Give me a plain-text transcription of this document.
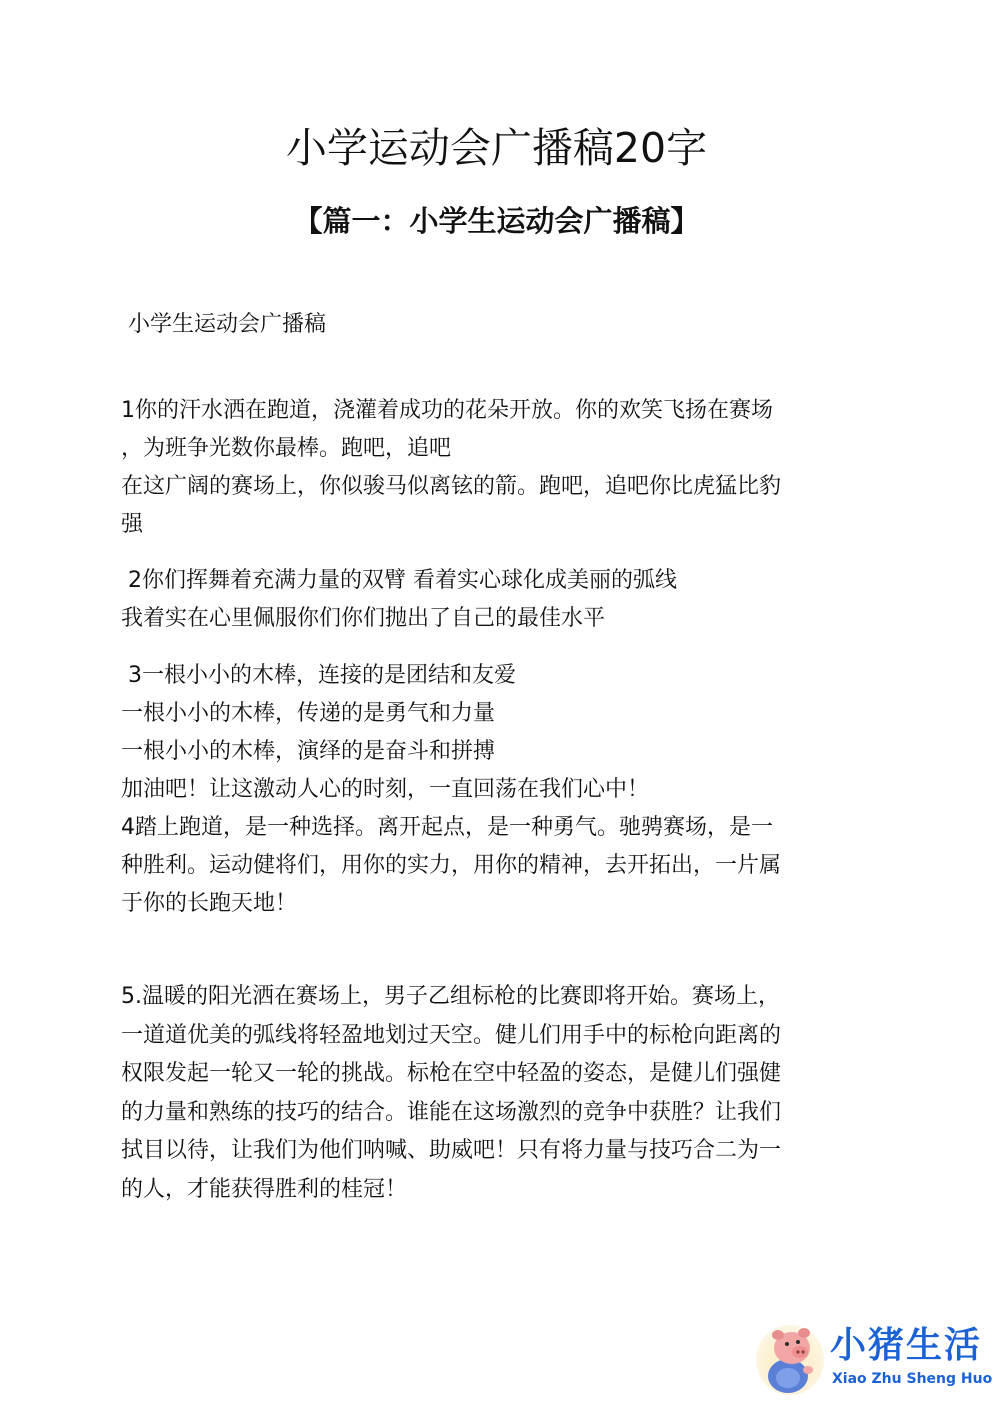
小学运动会广播稿20字
【篇一：小学生运动会广播稿】

小学生运动会广播稿

1你的汗水洒在跑道，浇灌着成功的花朵开放。你的欢笑飞扬在赛场
，为班争光数你最棒。跑吧，追吧
在这广阔的赛场上，你似骏马似离铉的箭。跑吧，追吧你比虎猛比豹
强
2你们挥舞着充满力量的双臂 看着实心球化成美丽的弧线
我着实在心里佩服你们你们抛出了自己的最佳水平
3一根小小的木棒，连接的是团结和友爱
一根小小的木棒，传递的是勇气和力量
一根小小的木棒，演绎的是奋斗和拼搏
加油吧！让这激动人心的时刻，一直回荡在我们心中！
4踏上跑道，是一种选择。离开起点，是一种勇气。驰骋赛场，是一
种胜利。运动健将们，用你的实力，用你的精神，去开拓出，一片属
于你的长跑天地！
5.温暖的阳光洒在赛场上，男子乙组标枪的比赛即将开始。赛场上，
一道道优美的弧线将轻盈地划过天空。健儿们用手中的标枪向距离的
权限发起一轮又一轮的挑战。标枪在空中轻盈的姿态，是健儿们强健
的力量和熟练的技巧的结合。谁能在这场激烈的竞争中获胜？让我们
拭目以待，让我们为他们呐喊、助威吧！只有将力量与技巧合二为一
的人，才能获得胜利的桂冠！
小猪生活
Xiao Zhu Sheng Huo
